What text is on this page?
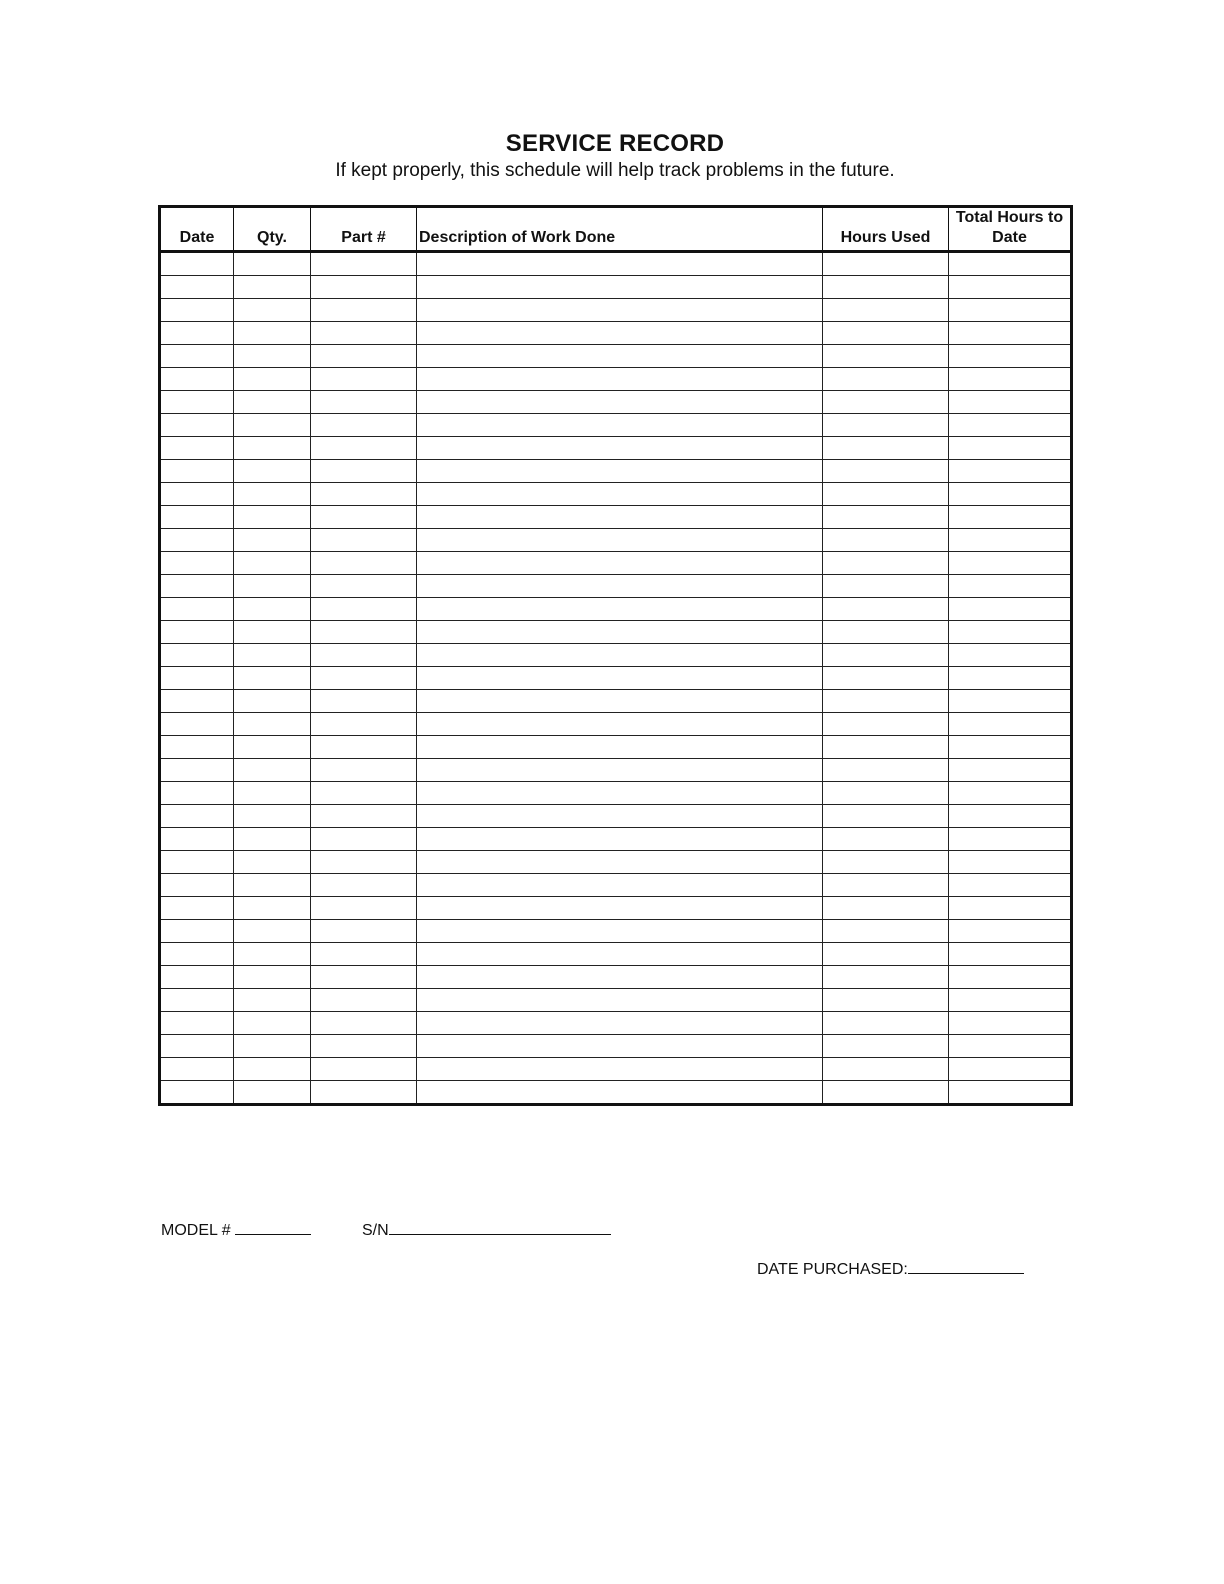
SERVICE RECORD
If kept properly, this schedule will help track problems in the future.
Date	Qty.	Part #	Description of Work Done	Hours Used	Total Hours to Date

MODEL #	S/N
DATE PURCHASED:
